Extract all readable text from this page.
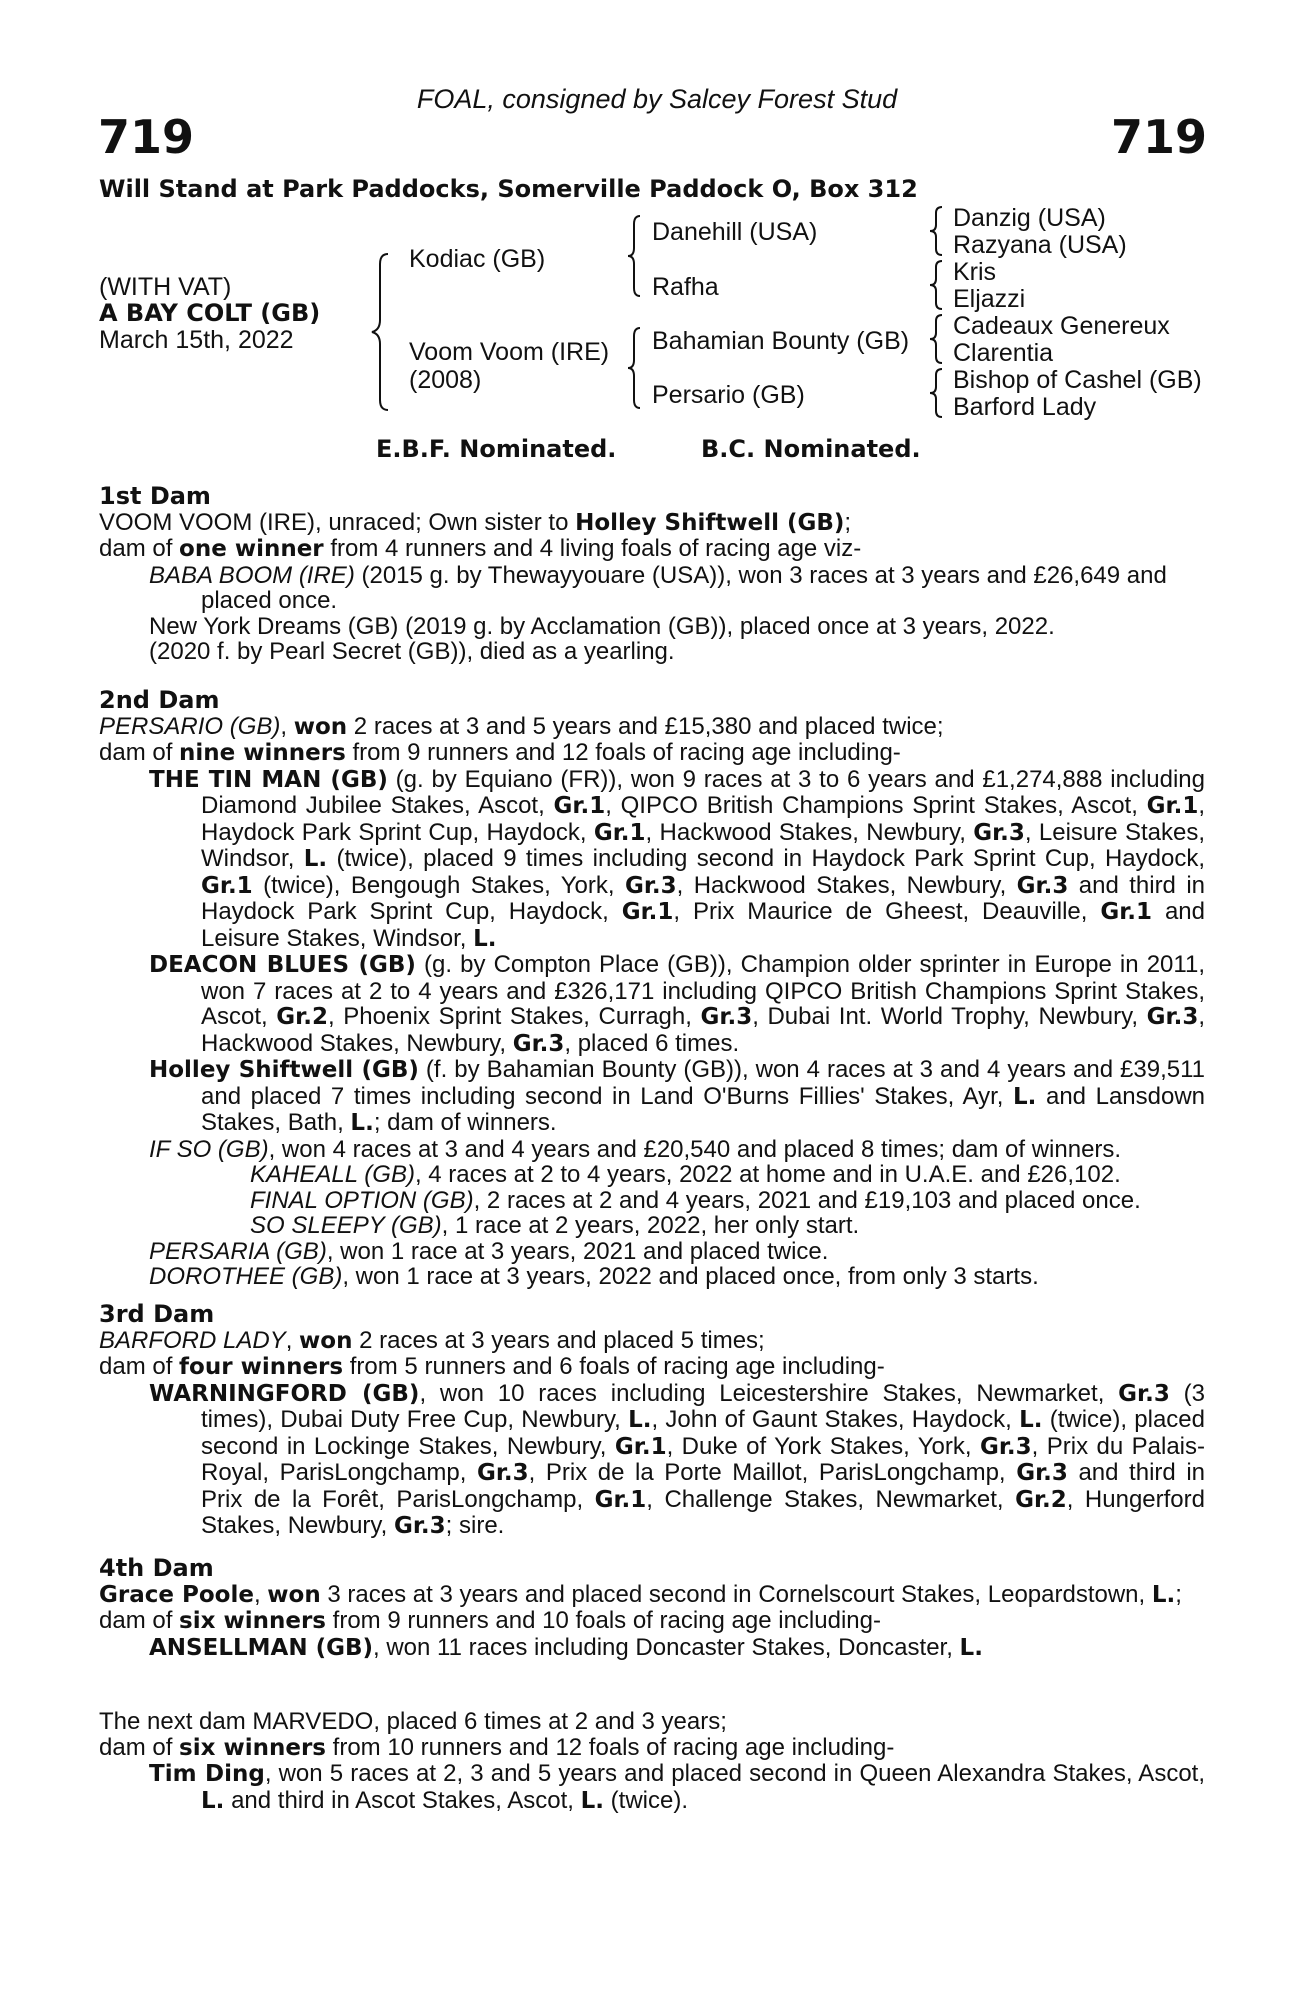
FOAL, consigned by Salcey Forest Stud
719	719
Will Stand at Park Paddocks, Somerville Paddock O, Box 312
(WITH VAT)
A BAY COLT (GB)
March 15th, 2022
Kodiac (GB)
Voom Voom (IRE)
(2008)
Danehill (USA)
Rafha
Bahamian Bounty (GB)
Persario (GB)
Danzig (USA)
Razyana (USA)
Kris
Eljazzi
Cadeaux Genereux
Clarentia
Bishop of Cashel (GB)
Barford Lady
E.B.F. Nominated.	B.C. Nominated.
1st Dam
VOOM VOOM (IRE), unraced; Own sister to Holley Shiftwell (GB);
dam of one winner from 4 runners and 4 living foals of racing age viz-
BABA BOOM (IRE) (2015 g. by Thewayyouare (USA)), won 3 races at 3 years and £26,649 and placed once.
New York Dreams (GB) (2019 g. by Acclamation (GB)), placed once at 3 years, 2022.
(2020 f. by Pearl Secret (GB)), died as a yearling.
2nd Dam
PERSARIO (GB), won 2 races at 3 and 5 years and £15,380 and placed twice;
dam of nine winners from 9 runners and 12 foals of racing age including-
THE TIN MAN (GB) (g. by Equiano (FR)), won 9 races at 3 to 6 years and £1,274,888 including Diamond Jubilee Stakes, Ascot, Gr.1, QIPCO British Champions Sprint Stakes, Ascot, Gr.1, Haydock Park Sprint Cup, Haydock, Gr.1, Hackwood Stakes, Newbury, Gr.3, Leisure Stakes, Windsor, L. (twice), placed 9 times including second in Haydock Park Sprint Cup, Haydock, Gr.1 (twice), Bengough Stakes, York, Gr.3, Hackwood Stakes, Newbury, Gr.3 and third in Haydock Park Sprint Cup, Haydock, Gr.1, Prix Maurice de Gheest, Deauville, Gr.1 and Leisure Stakes, Windsor, L.
DEACON BLUES (GB) (g. by Compton Place (GB)), Champion older sprinter in Europe in 2011, won 7 races at 2 to 4 years and £326,171 including QIPCO British Champions Sprint Stakes, Ascot, Gr.2, Phoenix Sprint Stakes, Curragh, Gr.3, Dubai Int. World Trophy, Newbury, Gr.3, Hackwood Stakes, Newbury, Gr.3, placed 6 times.
Holley Shiftwell (GB) (f. by Bahamian Bounty (GB)), won 4 races at 3 and 4 years and £39,511 and placed 7 times including second in Land O'Burns Fillies' Stakes, Ayr, L. and Lansdown Stakes, Bath, L.; dam of winners.
IF SO (GB), won 4 races at 3 and 4 years and £20,540 and placed 8 times; dam of winners.
KAHEALL (GB), 4 races at 2 to 4 years, 2022 at home and in U.A.E. and £26,102.
FINAL OPTION (GB), 2 races at 2 and 4 years, 2021 and £19,103 and placed once.
SO SLEEPY (GB), 1 race at 2 years, 2022, her only start.
PERSARIA (GB), won 1 race at 3 years, 2021 and placed twice.
DOROTHEE (GB), won 1 race at 3 years, 2022 and placed once, from only 3 starts.
3rd Dam
BARFORD LADY, won 2 races at 3 years and placed 5 times;
dam of four winners from 5 runners and 6 foals of racing age including-
WARNINGFORD (GB), won 10 races including Leicestershire Stakes, Newmarket, Gr.3 (3 times), Dubai Duty Free Cup, Newbury, L., John of Gaunt Stakes, Haydock, L. (twice), placed second in Lockinge Stakes, Newbury, Gr.1, Duke of York Stakes, York, Gr.3, Prix du Palais-Royal, ParisLongchamp, Gr.3, Prix de la Porte Maillot, ParisLongchamp, Gr.3 and third in Prix de la Forêt, ParisLongchamp, Gr.1, Challenge Stakes, Newmarket, Gr.2, Hungerford Stakes, Newbury, Gr.3; sire.
4th Dam
Grace Poole, won 3 races at 3 years and placed second in Cornelscourt Stakes, Leopardstown, L.;
dam of six winners from 9 runners and 10 foals of racing age including-
ANSELLMAN (GB), won 11 races including Doncaster Stakes, Doncaster, L.
The next dam MARVEDO, placed 6 times at 2 and 3 years;
dam of six winners from 10 runners and 12 foals of racing age including-
Tim Ding, won 5 races at 2, 3 and 5 years and placed second in Queen Alexandra Stakes, Ascot, L. and third in Ascot Stakes, Ascot, L. (twice).
